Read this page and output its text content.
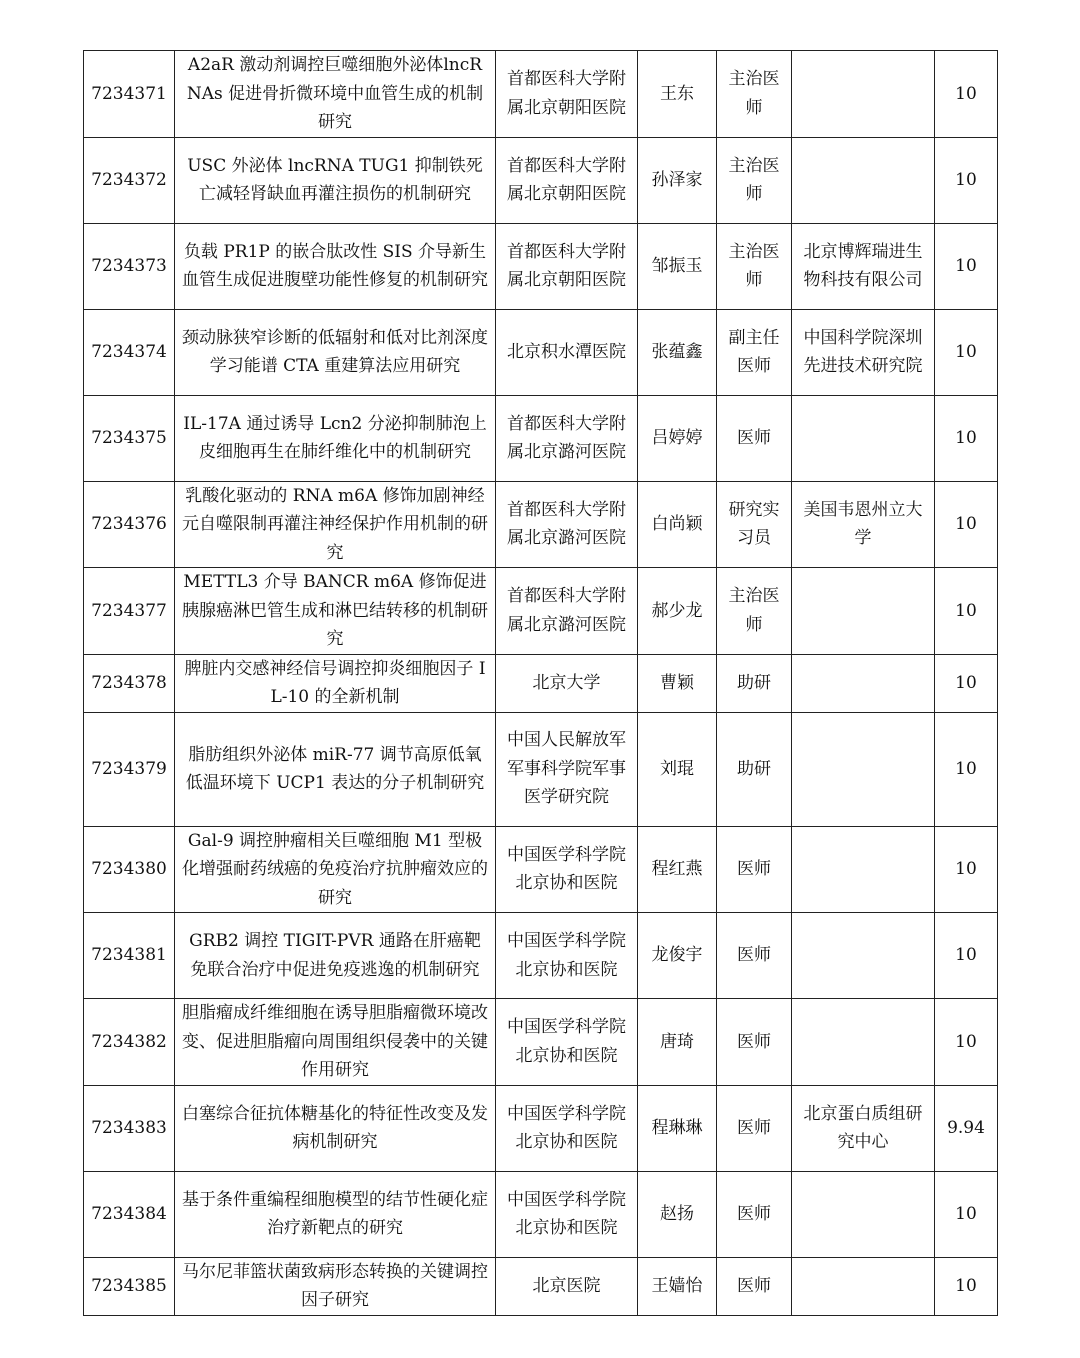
7234371	A2aR 激动剂调控巨噬细胞外泌体lncRNAs 促进骨折微环境中血管生成的机制研究	首都医科大学附属北京朝阳医院	王东	主治医师		10
7234372	USC 外泌体 lncRNA TUG1 抑制铁死亡减轻肾缺血再灌注损伤的机制研究	首都医科大学附属北京朝阳医院	孙泽家	主治医师		10
7234373	负载 PR1P 的嵌合肽改性 SIS 介导新生血管生成促进腹壁功能性修复的机制研究	首都医科大学附属北京朝阳医院	邹振玉	主治医师	北京博辉瑞进生物科技有限公司	10
7234374	颈动脉狭窄诊断的低辐射和低对比剂深度学习能谱 CTA 重建算法应用研究	北京积水潭医院	张蕴鑫	副主任医师	中国科学院深圳先进技术研究院	10
7234375	IL-17A 通过诱导 Lcn2 分泌抑制肺泡上皮细胞再生在肺纤维化中的机制研究	首都医科大学附属北京潞河医院	吕婷婷	医师		10
7234376	乳酸化驱动的 RNA m6A 修饰加剧神经元自噬限制再灌注神经保护作用机制的研究	首都医科大学附属北京潞河医院	白尚颖	研究实习员	美国韦恩州立大学	10
7234377	METTL3 介导 BANCR m6A 修饰促进胰腺癌淋巴管生成和淋巴结转移的机制研究	首都医科大学附属北京潞河医院	郝少龙	主治医师		10
7234378	脾脏内交感神经信号调控抑炎细胞因子 IL-10 的全新机制	北京大学	曹颖	助研		10
7234379	脂肪组织外泌体 miR-77 调节高原低氧低温环境下 UCP1 表达的分子机制研究	中国人民解放军军事科学院军事医学研究院	刘琨	助研		10
7234380	Gal-9 调控肿瘤相关巨噬细胞 M1 型极化增强耐药绒癌的免疫治疗抗肿瘤效应的研究	中国医学科学院北京协和医院	程红燕	医师		10
7234381	GRB2 调控 TIGIT-PVR 通路在肝癌靶免联合治疗中促进免疫逃逸的机制研究	中国医学科学院北京协和医院	龙俊宇	医师		10
7234382	胆脂瘤成纤维细胞在诱导胆脂瘤微环境改变、促进胆脂瘤向周围组织侵袭中的关键作用研究	中国医学科学院北京协和医院	唐琦	医师		10
7234383	白塞综合征抗体糖基化的特征性改变及发病机制研究	中国医学科学院北京协和医院	程琳琳	医师	北京蛋白质组研究中心	9.94
7234384	基于条件重编程细胞模型的结节性硬化症治疗新靶点的研究	中国医学科学院北京协和医院	赵扬	医师		10
7234385	马尔尼菲篮状菌致病形态转换的关键调控因子研究	北京医院	王嫱怡	医师		10
